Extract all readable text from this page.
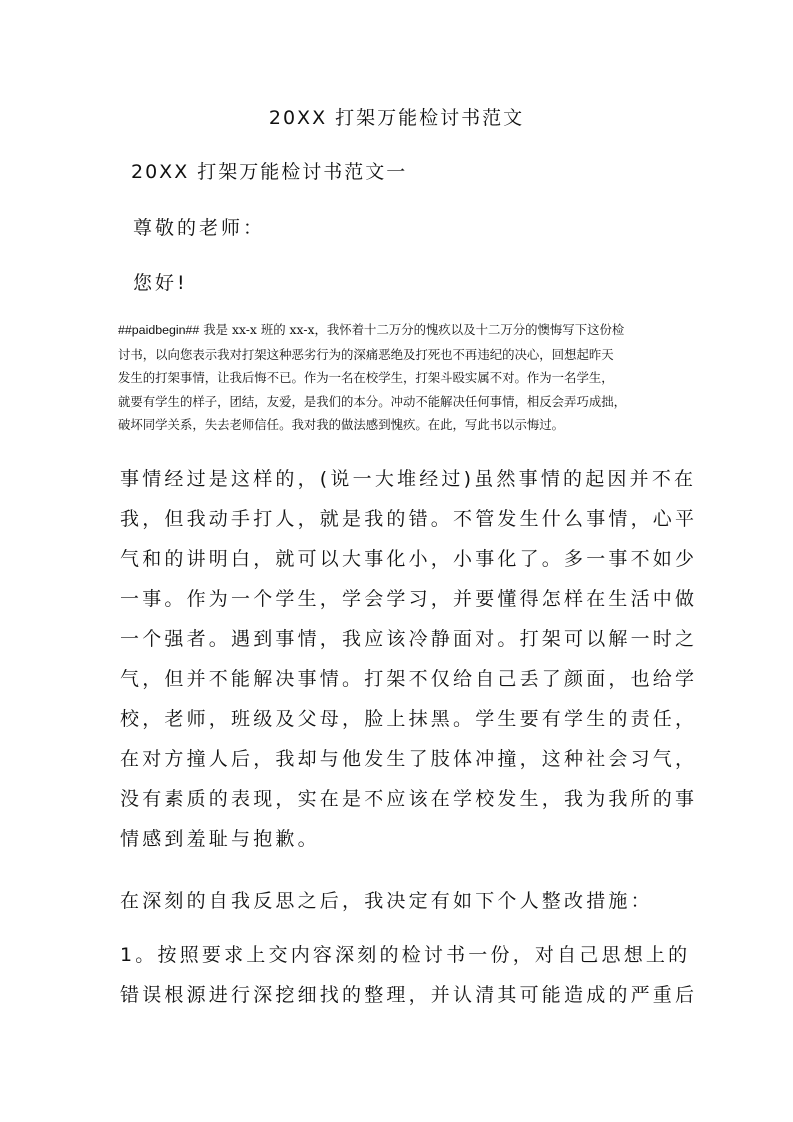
20XX 打架万能检讨书范文
20XX 打架万能检讨书范文一
尊敬的老师：
您好!
##paidbegin## 我是 xx-x 班的 xx-x，我怀着十二万分的愧疚以及十二万分的懊悔写下这份检
讨书，以向您表示我对打架这种恶劣行为的深痛恶绝及打死也不再违纪的决心，回想起昨天
发生的打架事情，让我后悔不已。作为一名在校学生，打架斗殴实属不对。作为一名学生，
就要有学生的样子，团结，友爱，是我们的本分。冲动不能解决任何事情，相反会弄巧成拙，
破坏同学关系，失去老师信任。我对我的做法感到愧疚。在此，写此书以示悔过。
事情经过是这样的，(说一大堆经过)虽然事情的起因并不在
我，但我动手打人，就是我的错。不管发生什么事情，心平
气和的讲明白，就可以大事化小，小事化了。多一事不如少
一事。作为一个学生，学会学习，并要懂得怎样在生活中做
一个强者。遇到事情，我应该冷静面对。打架可以解一时之
气，但并不能解决事情。打架不仅给自己丢了颜面，也给学
校，老师，班级及父母，脸上抹黑。学生要有学生的责任，
在对方撞人后，我却与他发生了肢体冲撞，这种社会习气，
没有素质的表现，实在是不应该在学校发生，我为我所的事
情感到羞耻与抱歉。
在深刻的自我反思之后，我决定有如下个人整改措施：
1。按照要求上交内容深刻的检讨书一份，对自己思想上的
错误根源进行深挖细找的整理，并认清其可能造成的严重后
